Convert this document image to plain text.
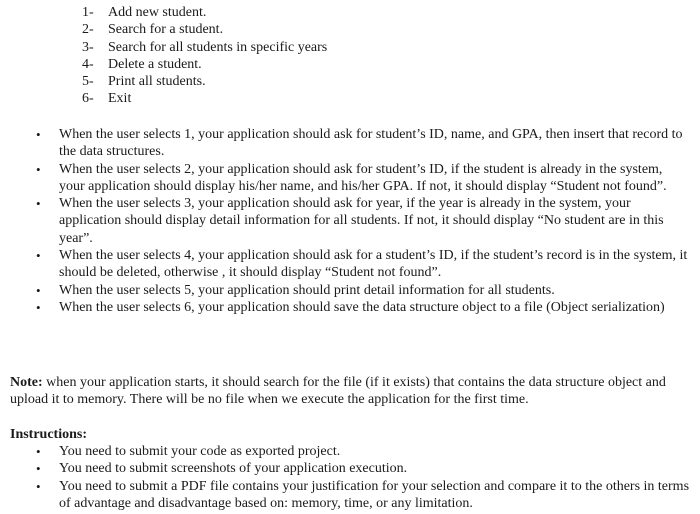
1-	Add new student.
2-	Search for a student.
3-	Search for all students in specific years
4-	Delete a student.
5-	Print all students.
6-	Exit
• When the user selects 1, your application should ask for student’s ID, name, and GPA, then insert that record to the data structures.
• When the user selects 2, your application should ask for student’s ID, if the student is already in the system, your application should display his/her name, and his/her GPA. If not, it should display “Student not found”.
• When the user selects 3, your application should ask for year, if the year is already in the system, your application should display detail information for all students. If not, it should display “No student are in this year”.
• When the user selects 4, your application should ask for a student’s ID, if the student’s record is in the system, it should be deleted, otherwise , it should display “Student not found”.
• When the user selects 5, your application should print detail information for all students.
• When the user selects 6, your application should save the data structure object to a file (Object serialization)

Note: when your application starts, it should search for the file (if it exists) that contains the data structure object and upload it to memory. There will be no file when we execute the application for the first time.

Instructions:

• You need to submit your code as exported project.
• You need to submit screenshots of your application execution.
• You need to submit a PDF file contains your justification for your selection and compare it to the others in terms of advantage and disadvantage based on: memory, time, or any limitation.
